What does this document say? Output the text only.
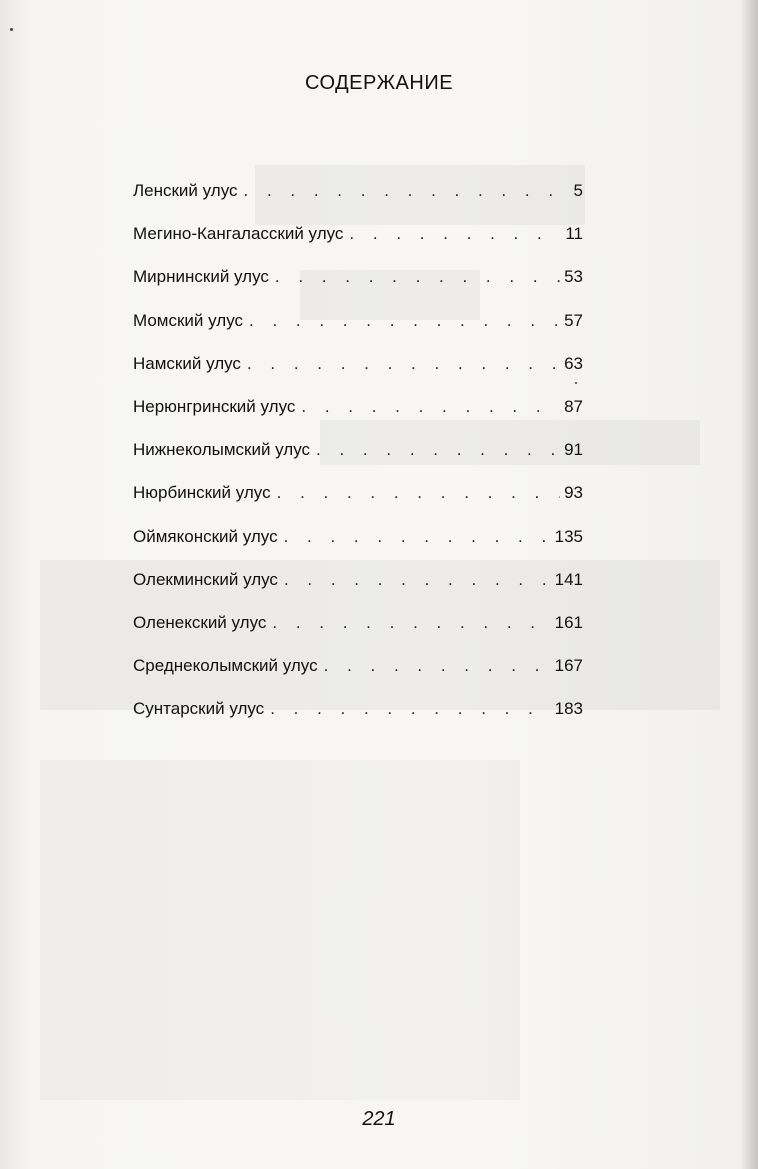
СОДЕРЖАНИЕ
Ленский улус . . .	5
Мегино-Кангаласский улус . . .	11
Мирнинский улус . . .	53
Момский улус . . .	57
Намский улус . . .	63
Нерюнгринский улус . . .	87
Нижнеколымский улус . . .	91
Нюрбинский улус . . .	93
Оймяконский улус . . .	135
Олекминский улус . . .	141
Оленекский улус . . .	161
Среднеколымский улус . . .	167
Сунтарский улус . . .	183
221
